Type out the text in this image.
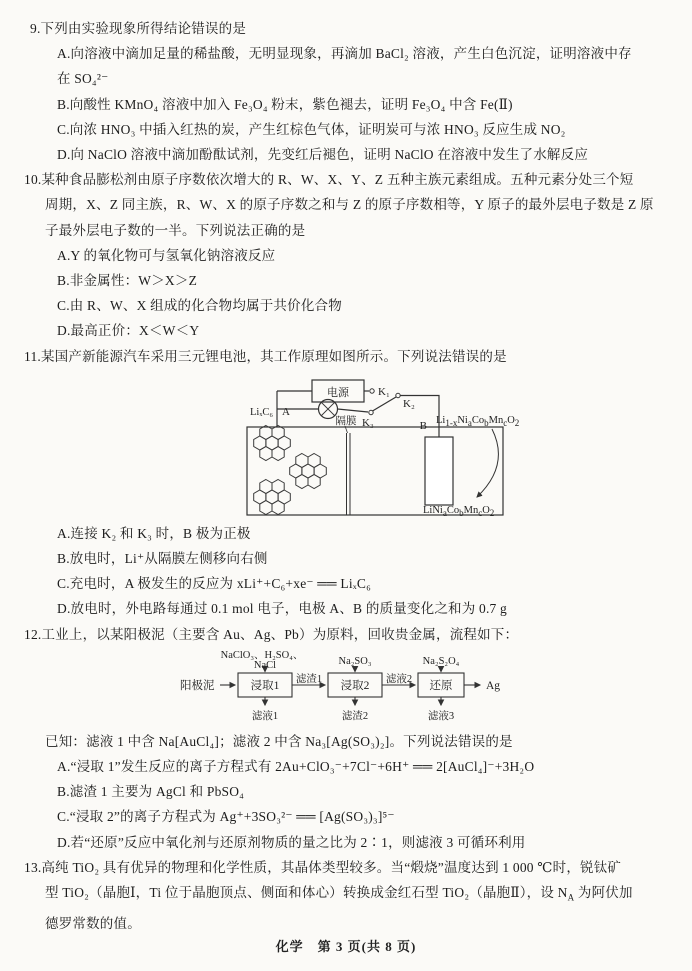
9.下列由实验现象所得结论错误的是
A.向溶液中滴加足量的稀盐酸，无明显现象，再滴加 BaCl₂ 溶液，产生白色沉淀，证明溶液中存
在 SO₄²⁻
B.向酸性 KMnO₄ 溶液中加入 Fe₃O₄ 粉末，紫色褪去，证明 Fe₃O₄ 中含 Fe(Ⅱ)
C.向浓 HNO₃ 中插入红热的炭，产生红棕色气体，证明炭可与浓 HNO₃ 反应生成 NO₂
D.向 NaClO 溶液中滴加酚酞试剂，先变红后褪色，证明 NaClO 在溶液中发生了水解反应
10.某种食品膨松剂由原子序数依次增大的 R、W、X、Y、Z 五种主族元素组成。五种元素分处三个短
周期，X、Z 同主族，R、W、X 的原子序数之和与 Z 的原子序数相等，Y 原子的最外层电子数是 Z 原
子最外层电子数的一半。下列说法正确的是
A.Y 的氧化物可与氢氧化钠溶液反应
B.非金属性：W＞X＞Z
C.由 R、W、X 组成的化合物均属于共价化合物
D.最高正价：X＜W＜Y
11.某国产新能源汽车采用三元锂电池，其工作原理如图所示。下列说法错误的是
电源	K₁
K₂
K₃
隔膜
LiₓC₆ A
B $Li_{1-x}Ni_aCo_bMn_cO_2$
$LiNi_aCo_bMn_cO_2$
A.连接 K₂ 和 K₃ 时，B 极为正极
B.放电时，Li⁺从隔膜左侧移向右侧
C.充电时，A 极发生的反应为 xLi⁺+C₆+xe⁻ ══ LiₓC₆
D.放电时，外电路每通过 0.1 mol 电子，电极 A、B 的质量变化之和为 0.7 g
12.工业上，以某阳极泥（主要含 Au、Ag、Pb）为原料，回收贵金属，流程如下：
阳极泥	浸取1	浸取2	还原	Ag
NaClO₃、H₂SO₄、
NaCl	Na₂SO₃	Na₂S₂O₄
滤渣1	滤液2
滤液1	滤渣2	滤液3
已知：滤液 1 中含 Na[AuCl₄]；滤液 2 中含 Na₃[Ag(SO₃)₂]。下列说法错误的是
A.“浸取 1”发生反应的离子方程式有 2Au+ClO₃⁻+7Cl⁻+6H⁺ ══ 2[AuCl₄]⁻+3H₂O
B.滤渣 1 主要为 AgCl 和 PbSO₄
C.“浸取 2”的离子方程式为 Ag⁺+3SO₃²⁻ ══ [Ag(SO₃)₃]⁵⁻
D.若“还原”反应中氧化剂与还原剂物质的量之比为 2∶1，则滤液 3 可循环利用
13.高纯 TiO₂ 具有优异的物理和化学性质，其晶体类型较多。当“煅烧”温度达到 1 000 ℃时，锐钛矿
型 TiO₂（晶胞Ⅰ，Ti 位于晶胞顶点、侧面和体心）转换成金红石型 TiO₂（晶胞Ⅱ），设 $N_A$ 为阿伏加
德罗常数的值。
化学　第 3 页(共 8 页)
